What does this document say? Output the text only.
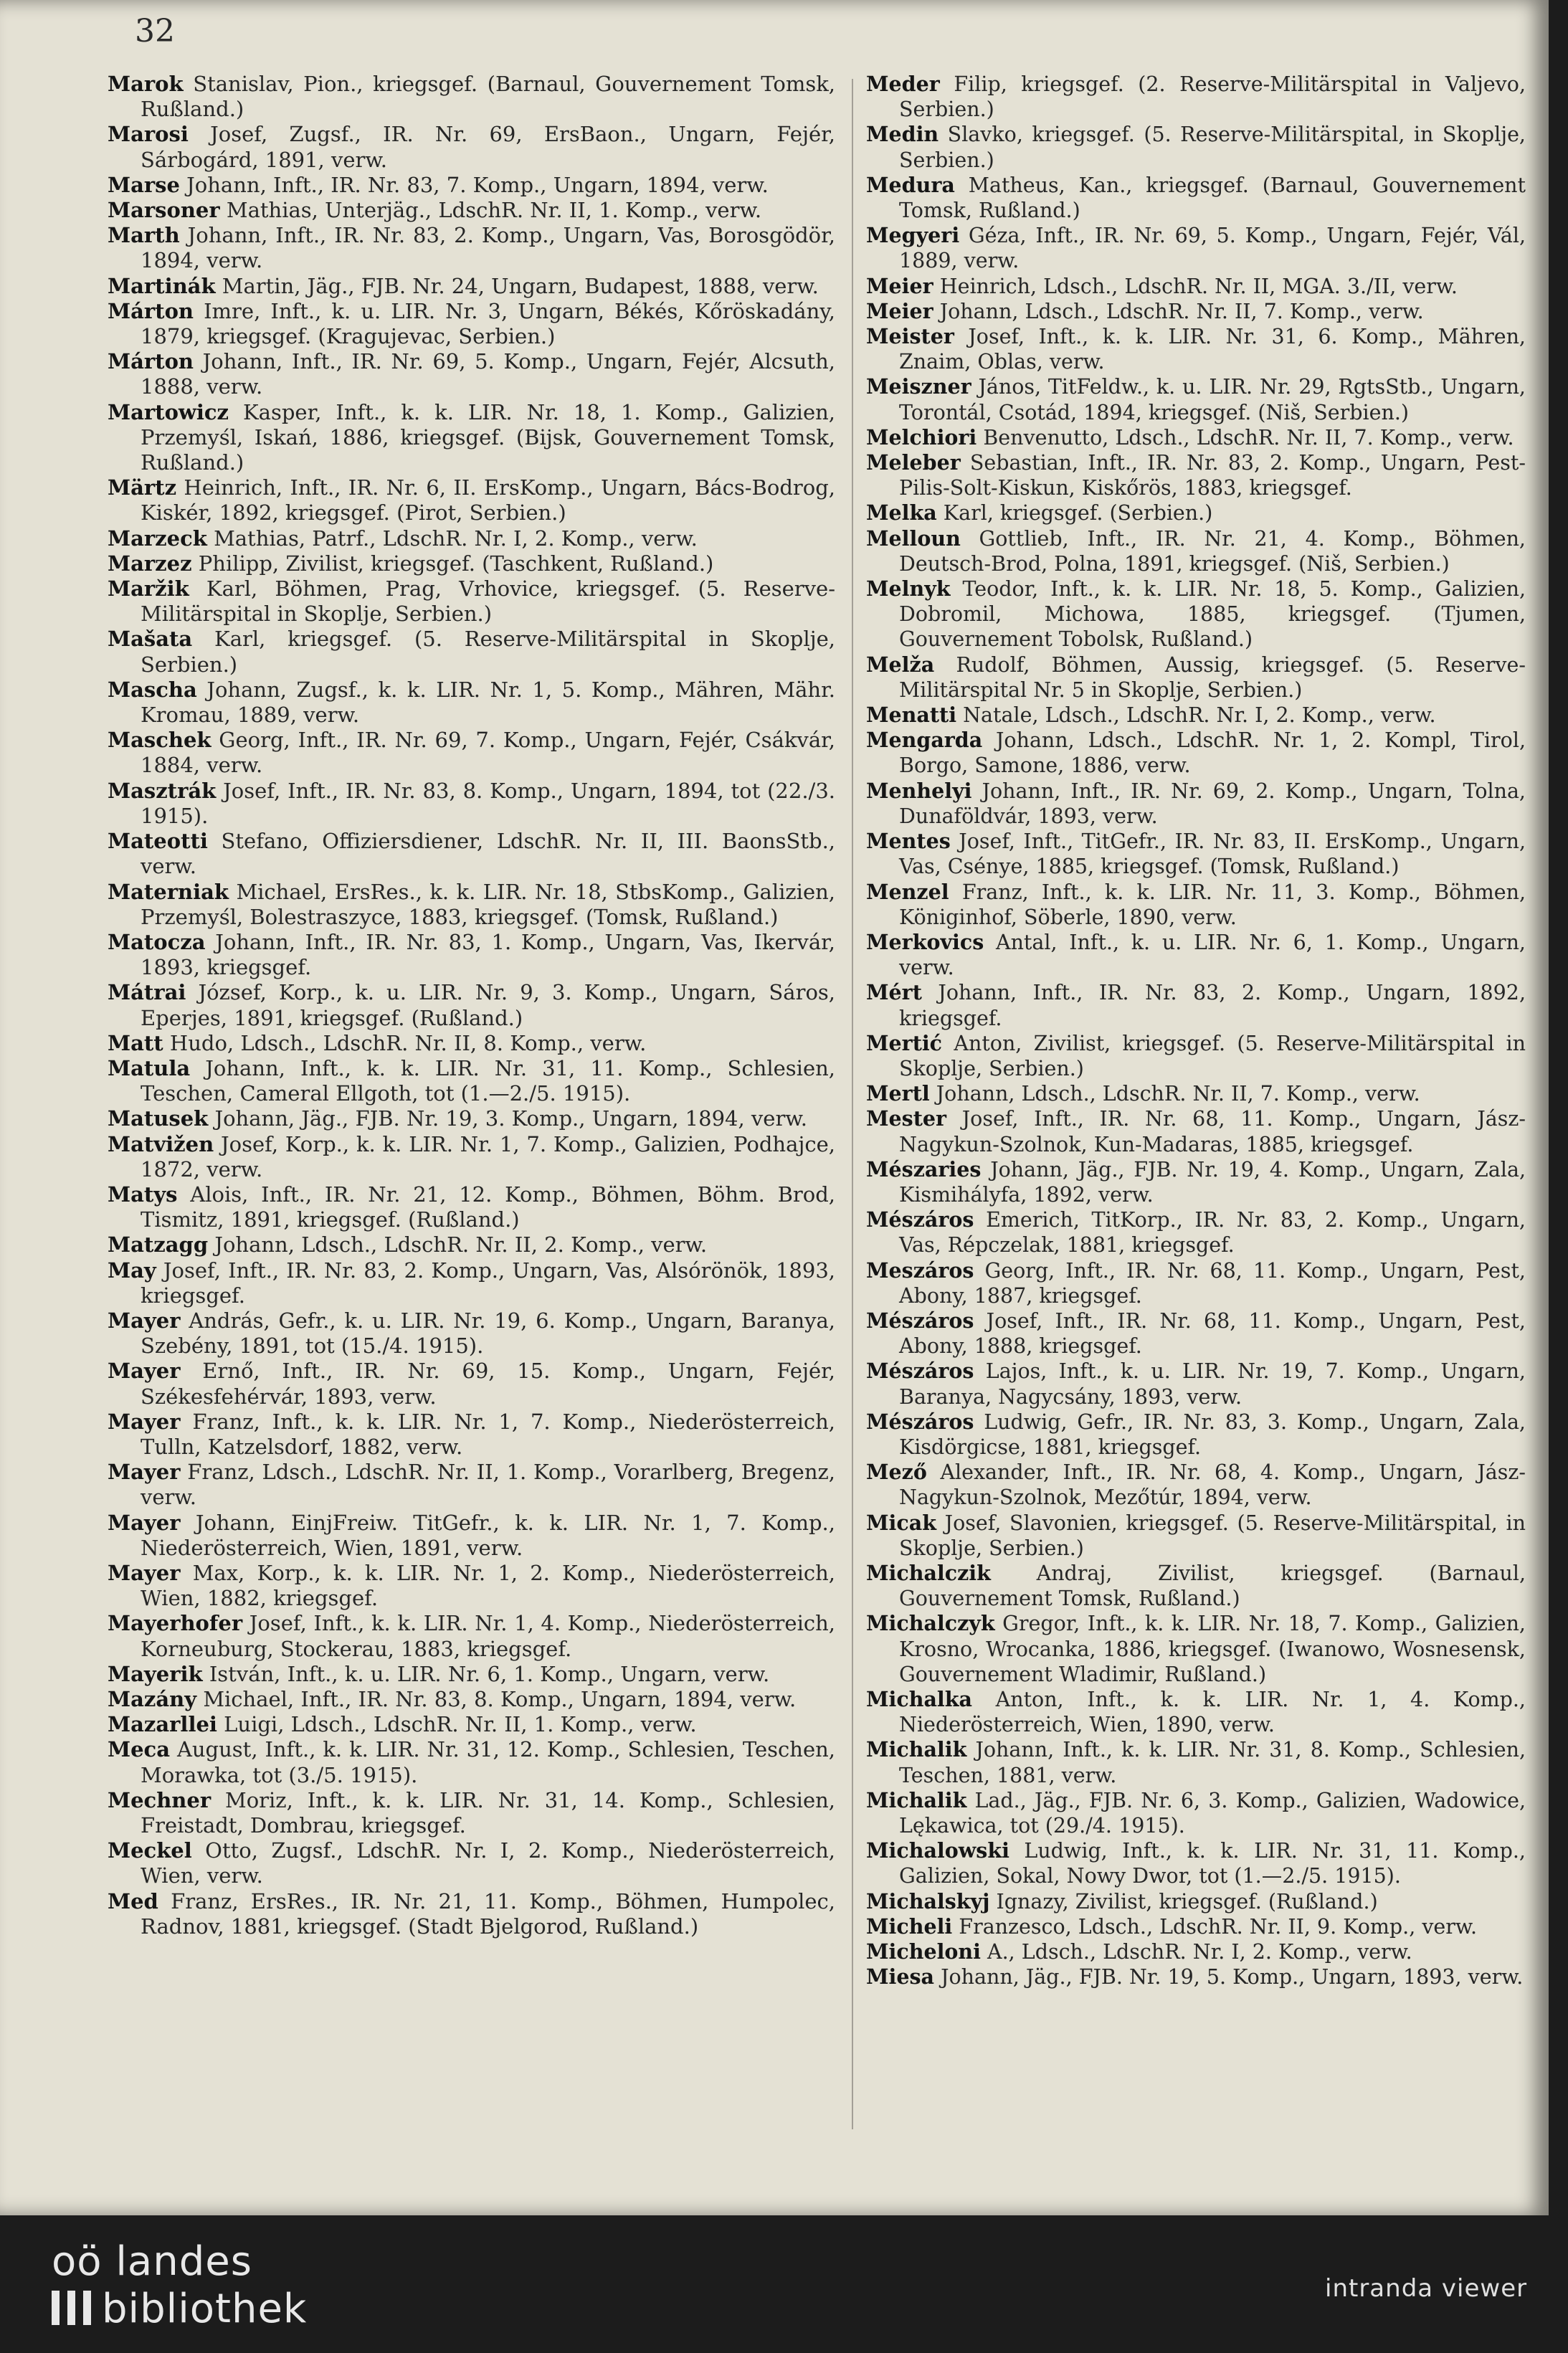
32

Marok Stanislav, Pion., kriegsgef. (Barnaul, Gouvernement Tomsk, Rußland.)

Marosi Josef, Zugsf., IR. Nr. 69, ErsBaon., Ungarn, Fejér, Sárbogárd, 1891, verw.

Marse Johann, Inft., IR. Nr. 83, 7. Komp., Ungarn, 1894, verw.

Marsoner Mathias, Unterjäg., LdschR. Nr. II, 1. Komp., verw.

Marth Johann, Inft., IR. Nr. 83, 2. Komp., Ungarn, Vas, Borosgödör, 1894, verw.

Martinák Martin, Jäg., FJB. Nr. 24, Ungarn, Budapest, 1888, verw.

Márton Imre, Inft., k. u. LIR. Nr. 3, Ungarn, Békés, Kőröskadány, 1879, kriegsgef. (Kragujevac, Serbien.)

Márton Johann, Inft., IR. Nr. 69, 5. Komp., Ungarn, Fejér, Alcsuth, 1888, verw.

Martowicz Kasper, Inft., k. k. LIR. Nr. 18, 1. Komp., Galizien, Przemyśl, Iskań, 1886, kriegsgef. (Bijsk, Gouvernement Tomsk, Rußland.)

Märtz Heinrich, Inft., IR. Nr. 6, II. ErsKomp., Ungarn, Bács-Bodrog, Kiskér, 1892, kriegsgef. (Pirot, Serbien.)

Marzeck Mathias, Patrf., LdschR. Nr. I, 2. Komp., verw.

Marzez Philipp, Zivilist, kriegsgef. (Taschkent, Rußland.)

Maržik Karl, Böhmen, Prag, Vrhovice, kriegsgef. (5. Reserve-Militärspital in Skoplje, Serbien.)

Mašata Karl, kriegsgef. (5. Reserve-Militärspital in Skoplje, Serbien.)

Mascha Johann, Zugsf., k. k. LIR. Nr. 1, 5. Komp., Mähren, Mähr. Kromau, 1889, verw.

Maschek Georg, Inft., IR. Nr. 69, 7. Komp., Ungarn, Fejér, Csákvár, 1884, verw.

Masztrák Josef, Inft., IR. Nr. 83, 8. Komp., Ungarn, 1894, tot (22./3. 1915).

Mateotti Stefano, Offiziersdiener, LdschR. Nr. II, III. BaonsStb., verw.

Materniak Michael, ErsRes., k. k. LIR. Nr. 18, StbsKomp., Galizien, Przemyśl, Bolestraszyce, 1883, kriegsgef. (Tomsk, Rußland.)

Matocza Johann, Inft., IR. Nr. 83, 1. Komp., Ungarn, Vas, Ikervár, 1893, kriegsgef.

Mátrai József, Korp., k. u. LIR. Nr. 9, 3. Komp., Ungarn, Sáros, Eperjes, 1891, kriegsgef. (Rußland.)

Matt Hudo, Ldsch., LdschR. Nr. II, 8. Komp., verw.

Matula Johann, Inft., k. k. LIR. Nr. 31, 11. Komp., Schlesien, Teschen, Cameral Ellgoth, tot (1.—2./5. 1915).

Matusek Johann, Jäg., FJB. Nr. 19, 3. Komp., Ungarn, 1894, verw.

Matvižen Josef, Korp., k. k. LIR. Nr. 1, 7. Komp., Galizien, Podhajce, 1872, verw.

Matys Alois, Inft., IR. Nr. 21, 12. Komp., Böhmen, Böhm. Brod, Tismitz, 1891, kriegsgef. (Rußland.)

Matzagg Johann, Ldsch., LdschR. Nr. II, 2. Komp., verw.

May Josef, Inft., IR. Nr. 83, 2. Komp., Ungarn, Vas, Alsórönök, 1893, kriegsgef.

Mayer András, Gefr., k. u. LIR. Nr. 19, 6. Komp., Ungarn, Baranya, Szebény, 1891, tot (15./4. 1915).

Mayer Ernő, Inft., IR. Nr. 69, 15. Komp., Ungarn, Fejér, Székesfehérvár, 1893, verw.

Mayer Franz, Inft., k. k. LIR. Nr. 1, 7. Komp., Niederösterreich, Tulln, Katzelsdorf, 1882, verw.

Mayer Franz, Ldsch., LdschR. Nr. II, 1. Komp., Vorarlberg, Bregenz, verw.

Mayer Johann, EinjFreiw. TitGefr., k. k. LIR. Nr. 1, 7. Komp., Niederösterreich, Wien, 1891, verw.

Mayer Max, Korp., k. k. LIR. Nr. 1, 2. Komp., Niederösterreich, Wien, 1882, kriegsgef.

Mayerhofer Josef, Inft., k. k. LIR. Nr. 1, 4. Komp., Niederösterreich, Korneuburg, Stockerau, 1883, kriegsgef.

Mayerik István, Inft., k. u. LIR. Nr. 6, 1. Komp., Ungarn, verw.

Mazány Michael, Inft., IR. Nr. 83, 8. Komp., Ungarn, 1894, verw.

Mazarllei Luigi, Ldsch., LdschR. Nr. II, 1. Komp., verw.

Meca August, Inft., k. k. LIR. Nr. 31, 12. Komp., Schlesien, Teschen, Morawka, tot (3./5. 1915).

Mechner Moriz, Inft., k. k. LIR. Nr. 31, 14. Komp., Schlesien, Freistadt, Dombrau, kriegsgef.

Meckel Otto, Zugsf., LdschR. Nr. I, 2. Komp., Niederösterreich, Wien, verw.

Med Franz, ErsRes., IR. Nr. 21, 11. Komp., Böhmen, Humpolec, Radnov, 1881, kriegsgef. (Stadt Bjelgorod, Rußland.)

Meder Filip, kriegsgef. (2. Reserve-Militärspital in Valjevo, Serbien.)

Medin Slavko, kriegsgef. (5. Reserve-Militärspital, in Skoplje, Serbien.)

Medura Matheus, Kan., kriegsgef. (Barnaul, Gouvernement Tomsk, Rußland.)

Megyeri Géza, Inft., IR. Nr. 69, 5. Komp., Ungarn, Fejér, Vál, 1889, verw.

Meier Heinrich, Ldsch., LdschR. Nr. II, MGA. 3./II, verw.

Meier Johann, Ldsch., LdschR. Nr. II, 7. Komp., verw.

Meister Josef, Inft., k. k. LIR. Nr. 31, 6. Komp., Mähren, Znaim, Oblas, verw.

Meiszner János, TitFeldw., k. u. LIR. Nr. 29, RgtsStb., Ungarn, Torontál, Csotád, 1894, kriegsgef. (Niš, Serbien.)

Melchiori Benvenutto, Ldsch., LdschR. Nr. II, 7. Komp., verw.

Meleber Sebastian, Inft., IR. Nr. 83, 2. Komp., Ungarn, Pest-Pilis-Solt-Kiskun, Kiskőrös, 1883, kriegsgef.

Melka Karl, kriegsgef. (Serbien.)

Melloun Gottlieb, Inft., IR. Nr. 21, 4. Komp., Böhmen, Deutsch-Brod, Polna, 1891, kriegsgef. (Niš, Serbien.)

Melnyk Teodor, Inft., k. k. LIR. Nr. 18, 5. Komp., Galizien, Dobromil, Michowa, 1885, kriegsgef. (Tjumen, Gouvernement Tobolsk, Rußland.)

Melža Rudolf, Böhmen, Aussig, kriegsgef. (5. Reserve-Militärspital Nr. 5 in Skoplje, Serbien.)

Menatti Natale, Ldsch., LdschR. Nr. I, 2. Komp., verw.

Mengarda Johann, Ldsch., LdschR. Nr. 1, 2. Kompl, Tirol, Borgo, Samone, 1886, verw.

Menhelyi Johann, Inft., IR. Nr. 69, 2. Komp., Ungarn, Tolna, Dunaföldvár, 1893, verw.

Mentes Josef, Inft., TitGefr., IR. Nr. 83, II. ErsKomp., Ungarn, Vas, Csénye, 1885, kriegsgef. (Tomsk, Rußland.)

Menzel Franz, Inft., k. k. LIR. Nr. 11, 3. Komp., Böhmen, Königinhof, Söberle, 1890, verw.

Merkovics Antal, Inft., k. u. LIR. Nr. 6, 1. Komp., Ungarn, verw.

Mért Johann, Inft., IR. Nr. 83, 2. Komp., Ungarn, 1892, kriegsgef.

Mertić Anton, Zivilist, kriegsgef. (5. Reserve-Militärspital in Skoplje, Serbien.)

Mertl Johann, Ldsch., LdschR. Nr. II, 7. Komp., verw.

Mester Josef, Inft., IR. Nr. 68, 11. Komp., Ungarn, Jász-Nagykun-Szolnok, Kun-Madaras, 1885, kriegsgef.

Mészaries Johann, Jäg., FJB. Nr. 19, 4. Komp., Ungarn, Zala, Kismihályfa, 1892, verw.

Mészáros Emerich, TitKorp., IR. Nr. 83, 2. Komp., Ungarn, Vas, Répczelak, 1881, kriegsgef.

Meszáros Georg, Inft., IR. Nr. 68, 11. Komp., Ungarn, Pest, Abony, 1887, kriegsgef.

Mészáros Josef, Inft., IR. Nr. 68, 11. Komp., Ungarn, Pest, Abony, 1888, kriegsgef.

Mészáros Lajos, Inft., k. u. LIR. Nr. 19, 7. Komp., Ungarn, Baranya, Nagycsány, 1893, verw.

Mészáros Ludwig, Gefr., IR. Nr. 83, 3. Komp., Ungarn, Zala, Kisdörgicse, 1881, kriegsgef.

Mező Alexander, Inft., IR. Nr. 68, 4. Komp., Ungarn, Jász-Nagykun-Szolnok, Mezőtúr, 1894, verw.

Micak Josef, Slavonien, kriegsgef. (5. Reserve-Militärspital, in Skoplje, Serbien.)

Michalczik Andraj, Zivilist, kriegsgef. (Barnaul, Gouvernement Tomsk, Rußland.)

Michalczyk Gregor, Inft., k. k. LIR. Nr. 18, 7. Komp., Galizien, Krosno, Wrocanka, 1886, kriegsgef. (Iwanowo, Wosnesensk, Gouvernement Wladimir, Rußland.)

Michalka Anton, Inft., k. k. LIR. Nr. 1, 4. Komp., Niederösterreich, Wien, 1890, verw.

Michalik Johann, Inft., k. k. LIR. Nr. 31, 8. Komp., Schlesien, Teschen, 1881, verw.

Michalik Lad., Jäg., FJB. Nr. 6, 3. Komp., Galizien, Wadowice, Lękawica, tot (29./4. 1915).

Michalowski Ludwig, Inft., k. k. LIR. Nr. 31, 11. Komp., Galizien, Sokal, Nowy Dwor, tot (1.—2./5. 1915).

Michalskyj Ignazy, Zivilist, kriegsgef. (Rußland.)

Micheli Franzesco, Ldsch., LdschR. Nr. II, 9. Komp., verw.

Micheloni A., Ldsch., LdschR. Nr. I, 2. Komp., verw.

Miesa Johann, Jäg., FJB. Nr. 19, 5. Komp., Ungarn, 1893, verw.

oö landes
bibliothek	intranda viewer
